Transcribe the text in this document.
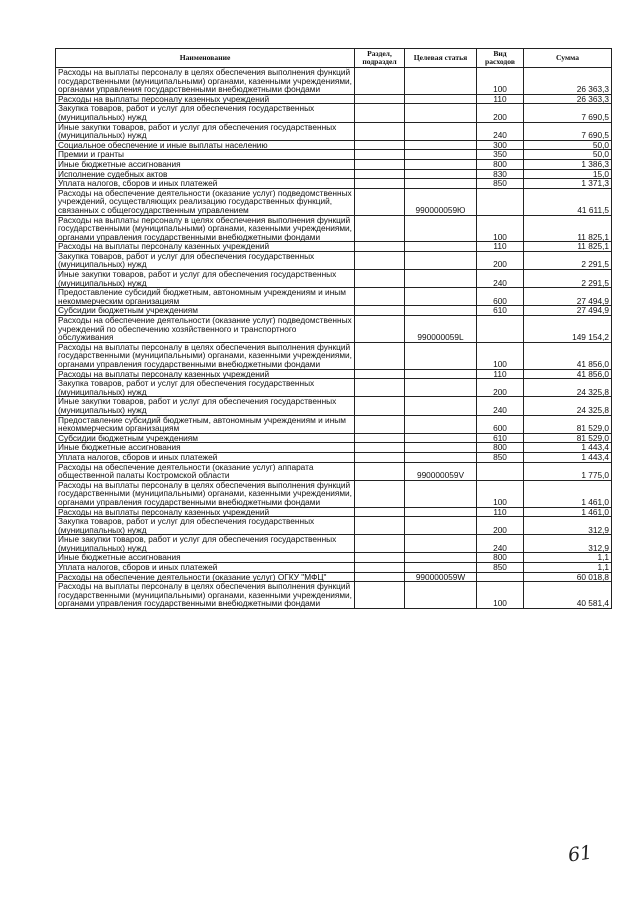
Наименование	Раздел, подраздел	Целевая статья	Вид расходов	Сумма
Расходы на выплаты персоналу в целях обеспечения выполнения функций государственными (муниципальными) органами, казенными учреждениями, органами управления государственными внебюджетными фондами			100	26 363,3
Расходы на выплаты персоналу казенных учреждений			110	26 363,3
Закупка товаров, работ и услуг для обеспечения государственных (муниципальных) нужд			200	7 690,5
Иные закупки товаров, работ и услуг для обеспечения государственных (муниципальных) нужд			240	7 690,5
Социальное обеспечение и иные выплаты населению			300	50,0
Премии и гранты			350	50,0
Иные бюджетные ассигнования			800	1 386,3
Исполнение судебных актов			830	15,0
Уплата налогов, сборов и иных платежей			850	1 371,3
Расходы на обеспечение деятельности (оказание услуг) подведомственных учреждений, осуществляющих реализацию государственных функций, связанных с общегосударственным управлением		990000059Ю		41 611,5
Расходы на выплаты персоналу в целях обеспечения выполнения функций государственными (муниципальными) органами, казенными учреждениями, органами управления государственными внебюджетными фондами			100	11 825,1
Расходы на выплаты персоналу казенных учреждений			110	11 825,1
Закупка товаров, работ и услуг для обеспечения государственных (муниципальных) нужд			200	2 291,5
Иные закупки товаров, работ и услуг для обеспечения государственных (муниципальных) нужд			240	2 291,5
Предоставление субсидий бюджетным, автономным учреждениям и иным некоммерческим организациям			600	27 494,9
Субсидии бюджетным учреждениям			610	27 494,9
Расходы на обеспечение деятельности (оказание услуг) подведомственных учреждений по обеспечению хозяйственного и транспортного обслуживания		990000059L		149 154,2
Расходы на выплаты персоналу в целях обеспечения выполнения функций государственными (муниципальными) органами, казенными учреждениями, органами управления государственными внебюджетными фондами			100	41 856,0
Расходы на выплаты персоналу казенных учреждений			110	41 856,0
Закупка товаров, работ и услуг для обеспечения государственных (муниципальных) нужд			200	24 325,8
Иные закупки товаров, работ и услуг для обеспечения государственных (муниципальных) нужд			240	24 325,8
Предоставление субсидий бюджетным, автономным учреждениям и иным некоммерческим организациям			600	81 529,0
Субсидии бюджетным учреждениям			610	81 529,0
Иные бюджетные ассигнования			800	1 443,4
Уплата налогов, сборов и иных платежей			850	1 443,4
Расходы на обеспечение деятельности (оказание услуг) аппарата общественной палаты Костромской области		990000059V		1 775,0
Расходы на выплаты персоналу в целях обеспечения выполнения функций государственными (муниципальными) органами, казенными учреждениями, органами управления государственными внебюджетными фондами			100	1 461,0
Расходы на выплаты персоналу казенных учреждений			110	1 461,0
Закупка товаров, работ и услуг для обеспечения государственных (муниципальных) нужд			200	312,9
Иные закупки товаров, работ и услуг для обеспечения государственных (муниципальных) нужд			240	312,9
Иные бюджетные ассигнования			800	1,1
Уплата налогов, сборов и иных платежей			850	1,1
Расходы на обеспечение деятельности (оказание услуг) ОГКУ "МФЦ"		990000059W		60 018,8
Расходы на выплаты персоналу в целях обеспечения выполнения функций государственными (муниципальными) органами, казенными учреждениями, органами управления государственными внебюджетными фондами			100	40 581,4
61
